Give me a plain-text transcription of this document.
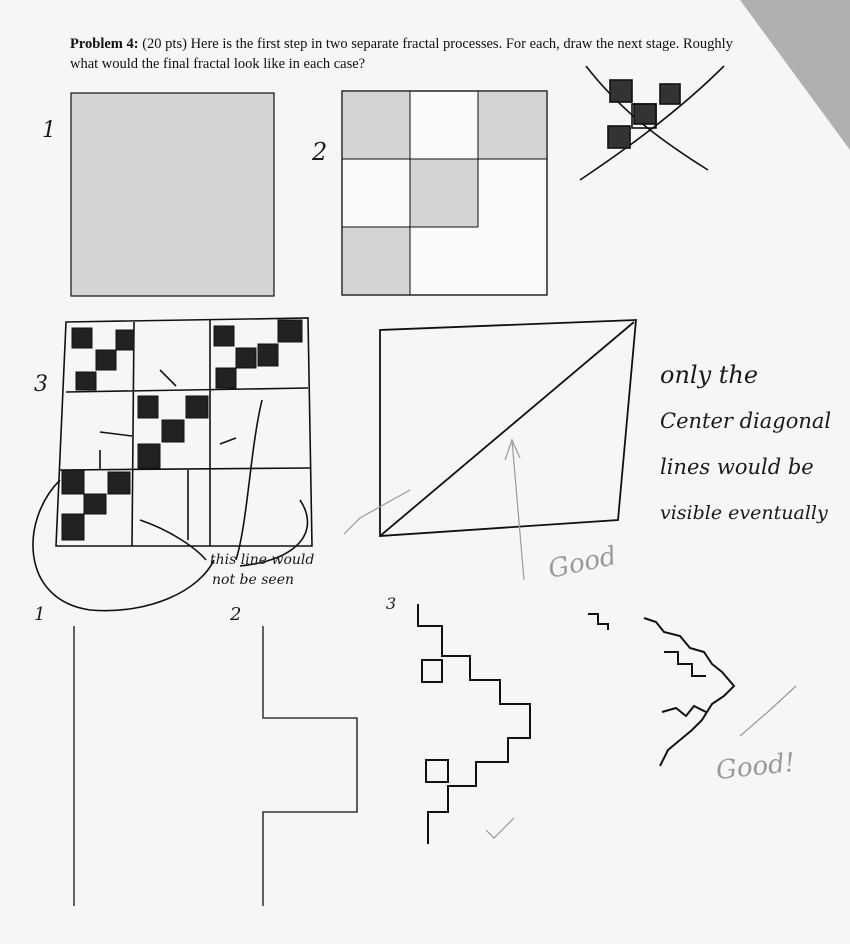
Problem 4: (20 pts) Here is the first step in two separate fractal processes. For each, draw the next stage. Roughly what would the final fractal look like in each case?
1
2
3
1	2
3
only the
Center diagonal
lines would be
visible eventually
this line would
not be seen	Good
Good!
